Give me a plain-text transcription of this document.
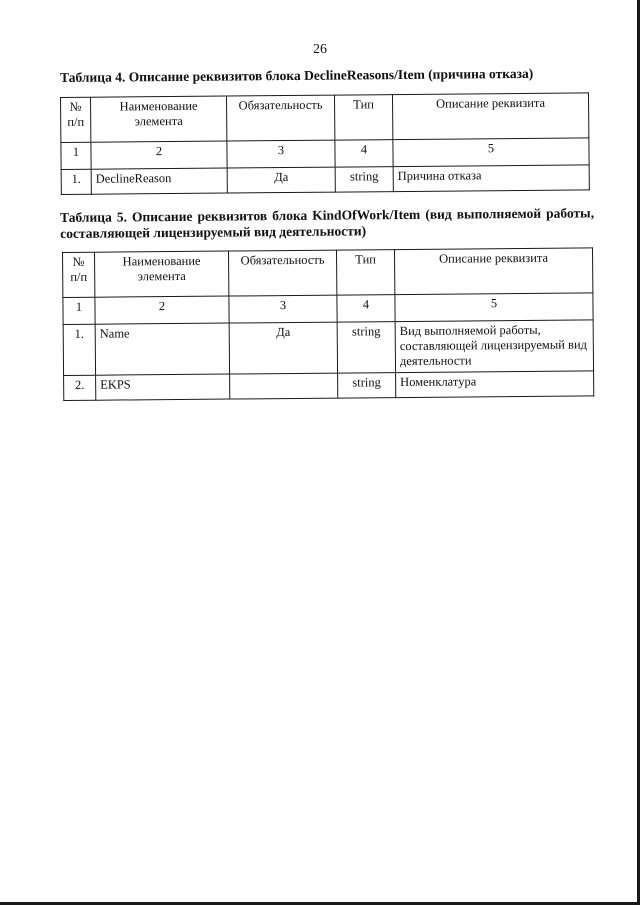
26
Таблица 4. Описание реквизитов блока DeclineReasons/Item (причина отказа)
№ п/п	Наименование элемента	Обязательность	Тип	Описание реквизита
1	2	3	4	5
1.	DeclineReason	Да	string	Причина отказа
Таблица 5. Описание реквизитов блока KindOfWork/Item (вид выполняемой работы, составляющей лицензируемый вид деятельности)
№ п/п	Наименование элемента	Обязательность	Тип	Описание реквизита
1	2	3	4	5
1.	Name	Да	string	Вид выполняемой работы, составляющей лицензируемый вид деятельности
2.	EKPS		string	Номенклатура
